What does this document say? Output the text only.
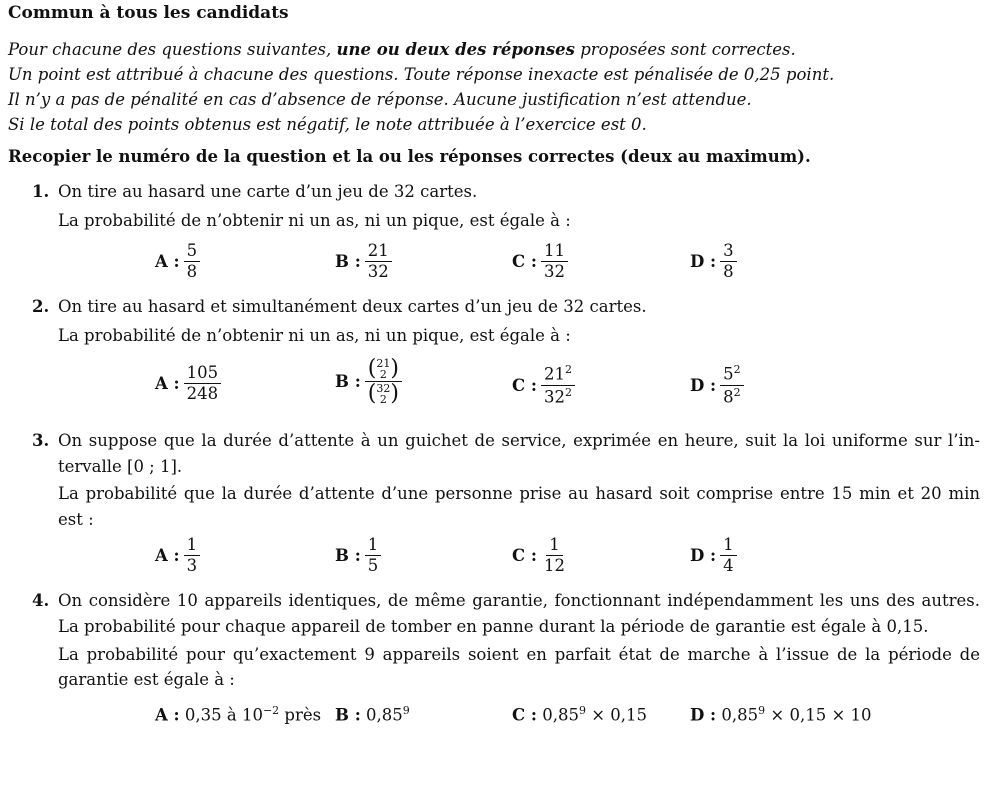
Commun à tous les candidats
Pour chacune des questions suivantes, une ou deux des réponses proposées sont correctes.
Un point est attribué à chacune des questions. Toute réponse inexacte est pénalisée de 0,25 point.
Il n’y a pas de pénalité en cas d’absence de réponse. Aucune justification n’est attendue.
Si le total des points obtenus est négatif, le note attribuée à l’exercice est 0.
Recopier le numéro de la question et la ou les réponses correctes (deux au maximum).
1. On tire au hasard une carte d’un jeu de 32 cartes.
La probabilité de n’obtenir ni un as, ni un pique, est égale à :
A : $\frac{5}{8}$	B : $\frac{21}{32}$	C : $\frac{11}{32}$	D : $\frac{3}{8}$
2. On tire au hasard et simultanément deux cartes d’un jeu de 32 cartes.
La probabilité de n’obtenir ni un as, ni un pique, est égale à :
A : $\frac{105}{248}$	B : ( 21
2 )
( 32
2 )	C : $\frac{21^2}{32^2}$	D : $\frac{5^2}{8^2}$
3. On suppose que la durée d’attente à un guichet de service, exprimée en heure, suit la loi uniforme sur l’in-
tervalle [0 ; 1].
La probabilité que la durée d’attente d’une personne prise au hasard soit comprise entre 15 min et 20 min
est :
A : $\frac{1}{3}$	B : $\frac{1}{5}$	C : $\frac{1}{12}$	D : $\frac{1}{4}$
4. On considère 10 appareils identiques, de même garantie, fonctionnant indépendamment les uns des autres.
La probabilité pour chaque appareil de tomber en panne durant la période de garantie est égale à 0,15.
La probabilité pour qu’exactement 9 appareils soient en parfait état de marche à l’issue de la période de
garantie est égale à :
A : 0,35 à $10^{-2}$ près B : 0,85$^9$	C : $0,85^9 \times 0,15$	D : $0,85^9 \times 0,15 \times 10$
